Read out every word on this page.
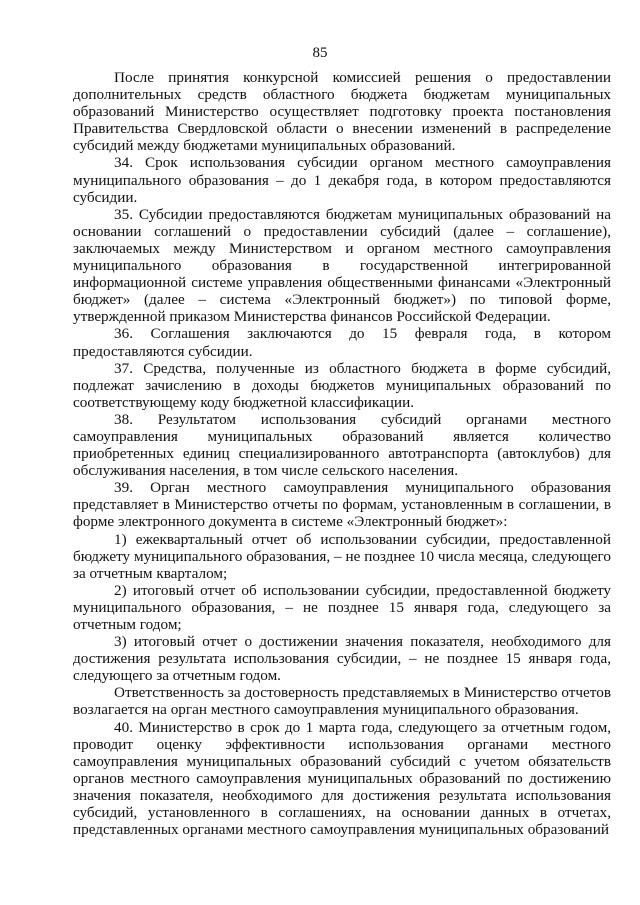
85

После принятия конкурсной комиссией решения о предоставлении дополнительных средств областного бюджета бюджетам муниципальных образований Министерство осуществляет подготовку проекта постановления Правительства Свердловской области о внесении изменений в распределение субсидий между бюджетами муниципальных образований.

34. Срок использования субсидии органом местного самоуправления муниципального образования – до 1 декабря года, в котором предоставляются субсидии.

35. Субсидии предоставляются бюджетам муниципальных образований на основании соглашений о предоставлении субсидий (далее – соглашение), заключаемых между Министерством и органом местного самоуправления муниципального образования в государственной интегрированной информационной системе управления общественными финансами «Электронный бюджет» (далее – система «Электронный бюджет») по типовой форме, утвержденной приказом Министерства финансов Российской Федерации.

36. Соглашения заключаются до 15 февраля года, в котором предоставляются субсидии.

37. Средства, полученные из областного бюджета в форме субсидий, подлежат зачислению в доходы бюджетов муниципальных образований по соответствующему коду бюджетной классификации.

38. Результатом использования субсидий органами местного самоуправления муниципальных образований является количество приобретенных единиц специализированного автотранспорта (автоклубов) для обслуживания населения, в том числе сельского населения.

39. Орган местного самоуправления муниципального образования представляет в Министерство отчеты по формам, установленным в соглашении, в форме электронного документа в системе «Электронный бюджет»:

1) ежеквартальный отчет об использовании субсидии, предоставленной бюджету муниципального образования, – не позднее 10 числа месяца, следующего за отчетным кварталом;

2) итоговый отчет об использовании субсидии, предоставленной бюджету муниципального образования, – не позднее 15 января года, следующего за отчетным годом;

3) итоговый отчет о достижении значения показателя, необходимого для достижения результата использования субсидии, – не позднее 15 января года, следующего за отчетным годом.

Ответственность за достоверность представляемых в Министерство отчетов возлагается на орган местного самоуправления муниципального образования.

40. Министерство в срок до 1 марта года, следующего за отчетным годом, проводит оценку эффективности использования органами местного самоуправления муниципальных образований субсидий с учетом обязательств органов местного самоуправления муниципальных образований по достижению значения показателя, необходимого для достижения результата использования субсидий, установленного в соглашениях, на основании данных в отчетах, представленных органами местного самоуправления муниципальных образований
